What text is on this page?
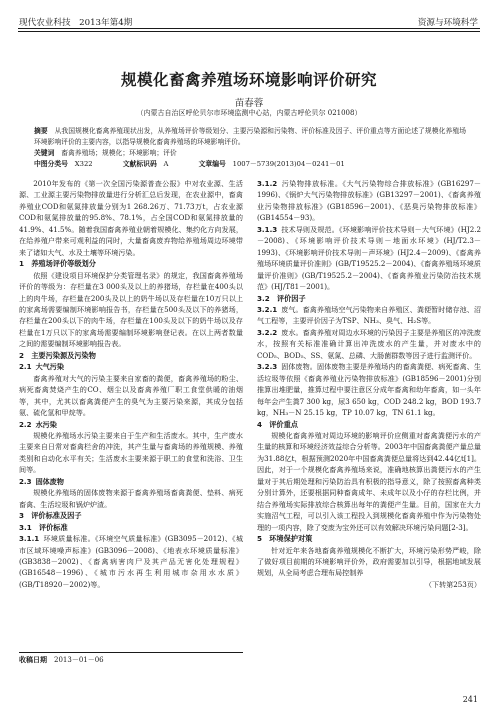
现代农业科技　2013年第4期	资源与环境科学
规模化畜禽养殖场环境影响评价研究
苗春蓉
（内蒙古自治区呼伦贝尔市环境监测中心站，内蒙古呼伦贝尔 021008）
摘要　 从我国规模化畜禽养殖现状出发，从养殖场评价等级划分、主要污染源和污染物、评价标准及因子、评价重点等方面论述了规模化养殖场环境影响评价的主要内容，以指导规模化畜禽养殖场的环境影响评价。
关键词　 畜禽养殖场；规模化；环境影响；评价
中图分类号　 X322	文献标识码　 A	文章编号　 1007－5739(2013)04－0241－01

2010年发布的《第一次全国污染源普查公报》中对农业源、生活源、工业源主要污染物排放量进行分析汇总后发现，在农业源中，畜禽养殖业COD和氨氮排放量分别为1 268.26万、71.73万t，占农业源COD和氨氮排放量的95.8%、78.1%，占全国COD和氨氮排放量的41.9%、41.5%。随着我国畜禽养殖业朝着规模化、集约化方向发展，在给养殖户带来可观利益的同时，大量畜禽废弃物给养殖场周边环境带来了诸如大气、水及土壤等环境污染。

1　养殖场评价等级划分

依照《建设项目环境保护分类管理名录》的规定，我国畜禽养殖场评价的等级为：存栏量在3 000头及以上的养猪场，存栏量在400头以上的肉牛场，存栏量在200头及以上的奶牛场以及存栏量在10万只以上的家禽场需要编制环境影响报告书，存栏量在500头及以下的养猪场，存栏量在200头以下的肉牛场，存栏量在100头及以下的奶牛场以及存栏量在1万只以下的家禽场需要编制环境影响登记表。在以上两者数量之间的需要编制环境影响报告表。

2　主要污染源及污染物

2.1 大气污染

畜禽养殖对大气的污染主要来自家畜的粪便，畜禽养殖场的粉尘、病死畜禽焚烧产生的CO、烟尘以及畜禽养殖厂职工食堂供暖的油烟等，其中，尤其以畜禽粪便产生的臭气为主要污染来源，其成分包括氨、硫化氢和甲烷等。

2.2 水污染

规模化养殖场水污染主要来自于生产和生活废水。其中，生产废水主要来自日常对畜禽栏舍的冲洗，其产生量与畜禽场的养殖规模、养殖类别和自动化水平有关；生活废水主要来源于职工的食堂和洗浴、卫生间等。

2.3 固体废物

规模化养殖场的固体废物来源于畜禽养殖场畜禽粪便、垫料、病死畜禽、生活垃圾和锅炉炉渣。

3　评价标准及因子

3.1　评价标准

3.1.1 环境质量标准。《环境空气质量标准》(GB3095－2012)、《城市区域环境噪声标准》(GB3096－2008)、《地表水环境质量标准》(GB3838－2002)、《畜禽病害肉尸及其产品无害化处理规程》(GB16548－1996)、《城市污水再生利用城市杂用水水质》(GB/T18920－2002)等。

收稿日期　 2013－01－06

3.1.2 污染物排放标准。《大气污染物综合排放标准》(GB16297－1996)、《锅炉大气污染物排放标准》(GB13297－2001)、《畜禽养殖业污染物排放标准》(GB18596－2001)、《恶臭污染物排放标准》(GB14554－93)。

3.1.3 技术导则及规范。《环境影响评价技术导则－大气环境》(HJ2.2－2008)、《环境影响评价技术导则－地面水环境》(HJ/T2.3－1993)、《环境影响评价技术导则－声环境》(HJ2.4－2009)、《畜禽养殖场环境质量评价准则》(GB/T19525.2－2004)、《畜禽养殖场环境质量评价准则》(GB/T19525.2－2004)、《畜禽养殖业污染防治技术规范》(HJ/T81－2001)。

3.2　评价因子

3.2.1 废气。畜禽养殖场空气污染物来自养殖区、粪便暂时储存池、沼气工程等，主要评价因子为TSP、NH₃、臭气、H₂S等。

3.2.2 废水。畜禽养殖对周边水环境的污染因子主要是养殖区的冲洗废水，按照有关标准准确计算出冲洗废水的产生量，并对废水中的COD₅、BOD₅、SS、氨氮、总磷、大肠菌群数等因子进行监测评价。

3.2.3 固体废物。固体废物主要是养殖场内的畜禽粪便、病死畜禽、生活垃圾等依照《畜禽养殖业污染物排放标准》(GB18596－2001)分别推算出堆肥量，推算过程中要注意区分成年畜禽和幼年畜禽，如一头年每年会产生粪7 300 kg，尿3 650 kg，COD 248.2 kg，BOD 193.7 kg，NH₃－N 25.15 kg，TP 10.07 kg，TN 61.1 kg。

4　评价重点

规模化畜禽养殖对周边环境的影响评价应侧重对畜禽粪便污水的产生量的核算和环境经济效益综合分析等。2003年中国畜禽粪便产量总量为31.88亿t，根据预测2020年中国畜禽粪便总量将达到42.44亿t[1]。因此，对于一个规模化畜禽养殖场来说，准确地核算出粪便污水的产生量对于其后期处理和污染防治具有积极的指导意义，除了按照畜禽种类分别计算外，还要根据同种畜禽成年、未成年以及小仔的存栏比例，并结合养殖场实际排放综合核算出每年的粪便产生量。目前，国家在大力实施沼气工程，可以引入该工程投入到规模化畜禽养殖中作为污染物处理的一项内容，除了变废为宝外还可以有效解决环境污染问题[2-3]。

5　环境保护对策

针对近年来各地畜禽养殖规模化不断扩大，环境污染形势严峻，除了做好项目前期的环境影响评价外，政府需要加以引导，根据地域发展规划，从全局考虑合理布局控制养

（下转第253页）

241
